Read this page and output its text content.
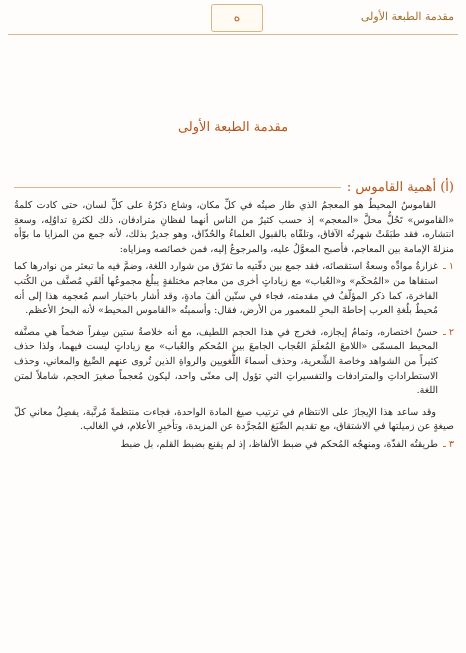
مقدمة الطبعة الأولى
ه
مقدمة الطبعة الأولى
(أ) أهمية القاموس :

القاموسُ المحيطُ هو المعجمُ الذي طار صيتُه في كلِّ مكان، وشاع ذكرُهُ على كلِّ لسان، حتى كادت كلمةُ «القاموس» تَحُلُّ محلَّ «المعجم» إذ حسب كثيرٌ من الناس أنهما لفظانِ مترادفان، ذلك لكثرةِ تداوُلِه، وسعةِ انتشاره، فقد طبَقَتْ شهرتُه الآفاق، وتلقّاه بالقبول العلماءُ والحُذّاق، وهو جديرٌ بذلك، لأنه جمع من المزايا ما بوّأه منزلةَ الإمامة بين المعاجم، فأصبح المعوَّلُ عليه، والمرجوعُ إليه، فمن خصائصه ومزاياه:

١ ـ
غزارةُ موادِّه وسعةُ استقصائه، فقد جمع بين دفّتيه ما تفرّق من شوارد اللغة، وضمَّ فيه ما تبعثر من نوادرها كما استقاها من «المُحكَم» و«العُباب» مع زياداتٍ أخرى من معاجم مختلفةٍ يبلُغ مجموعُها ألفَي مُصنَّف من الكُتب الفاخرة، كما ذكر المؤلّفُ في مقدمته، فجاء في ستّين ألفَ مادةٍ، وقد أشار باختيار اسم مُعجمِه هذا إلى أنه مُحيطٌ بلُغةِ العرب إحاطةَ البحرِ للمعمور من الأرض، فقال: وأسميتُه «القاموس المحيط» لأنه البحرُ الأعظم.
٢ ـ
حسنُ اختصاره، وتمامُ إيجازه، فخرج في هذا الحجم اللطيف، مع أنه خلاصةُ ستين سِفراً ضخماً هي مصنَّفه المحيط المسمّى «اللامعَ المُعلَمَ العُجاب الجامعَ بين المُحكم والعُباب» مع زياداتٍ ليست فيهما، ولذا حذف كثيراً من الشواهد وخاصة الشِّعرية، وحذف أسماءَ اللُّغويين والرواةِ الذين تُروى عنهم الصِّيغ والمعاني، وحذف الاستطراداتِ والمترادفات والتفسيراتِ التي تؤول إلى معنًى واحد، ليكون مُعجماً صغيرَ الحجم، شاملاً لمتن اللغة.

وقد ساعد هذا الإيجازَ على الانتظام في ترتيب صيغ المادة الواحدة، فجاءت منتظمةً مُرتَّبة، يفصِلُ معاني كلّ صيغةٍ عن زميلتها في الاشتقاق، مع تقديم الصِّيَغ المُجرَّدة عن المزيدة، وتأخيرِ الأعلام، في الغالب.

٣ ـ
طريقتُه الفذّة، ومنهجُه المُحكم في ضبط الألفاظ، إذ لم يقنع بضبط القلم، بل ضبط
